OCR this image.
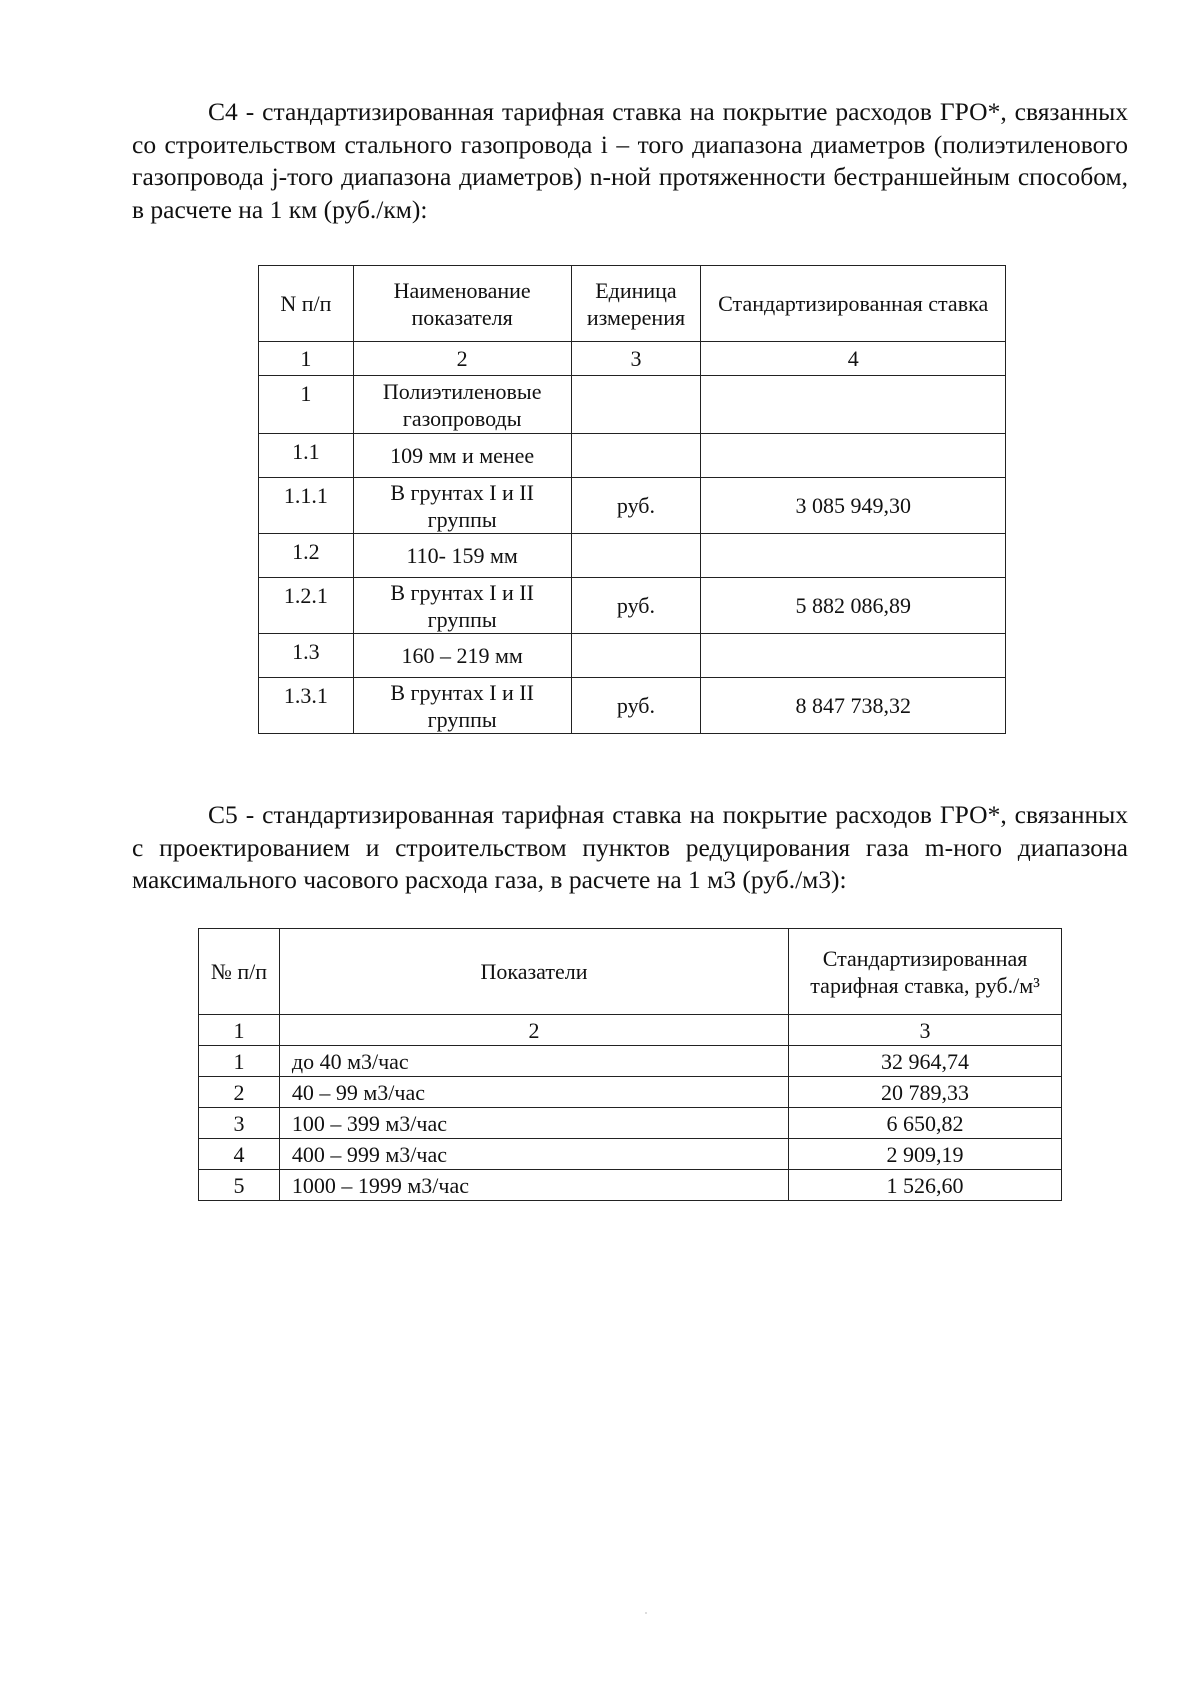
С4 - стандартизированная тарифная ставка на покрытие расходов ГРО*, связанных со строительством стального газопровода i – того диапазона диаметров (полиэтиленового газопровода j-того диапазона диаметров) n-ной протяженности бестраншейным способом, в расчете на 1 км (руб./км):

N п/п	Наименование показателя	Единица измерения	Стандартизированная ставка
1	2	3	4
1	Полиэтиленовые газопроводы		
1.1	109 мм и менее		
1.1.1	В грунтах I и II группы	руб.	3 085 949,30
1.2	110- 159 мм		
1.2.1	В грунтах I и II группы	руб.	5 882 086,89
1.3	160 – 219 мм		
1.3.1	В грунтах I и II группы	руб.	8 847 738,32

С5 - стандартизированная тарифная ставка на покрытие расходов ГРО*, связанных с проектированием и строительством пунктов редуцирования газа m-ного диапазона максимального часового расхода газа, в расчете на 1 м3 (руб./м3):

№ п/п	Показатели	Стандартизированная тарифная ставка, руб./м³
1	2	3
1	до 40 м3/час	32 964,74
2	40 – 99 м3/час	20 789,33
3	100 – 399 м3/час	6 650,82
4	400 – 999 м3/час	2 909,19
5	1000 – 1999 м3/час	1 526,60
